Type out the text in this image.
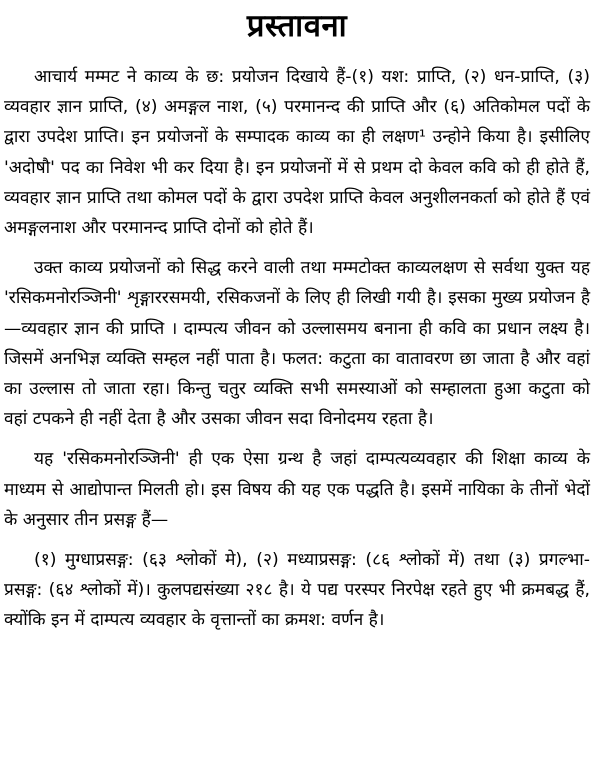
प्रस्तावना

आचार्य मम्मट ने काव्य के छ: प्रयोजन दिखाये हैं-(१) यश: प्राप्ति, (२) धन-प्राप्ति, (३) व्यवहार ज्ञान प्राप्ति, (४) अमङ्गल नाश, (५) परमानन्द की प्राप्ति और (६) अतिकोमल पदों के द्वारा उपदेश प्राप्ति। इन प्रयोजनों के सम्पादक काव्य का ही लक्षण¹ उन्होने किया है। इसीलिए 'अदोषौ' पद का निवेश भी कर दिया है। इन प्रयोजनों में से प्रथम दो केवल कवि को ही होते हैं, व्यवहार ज्ञान प्राप्ति तथा कोमल पदों के द्वारा उपदेश प्राप्ति केवल अनुशीलनकर्ता को होते हैं एवं अमङ्गलनाश और परमानन्द प्राप्ति दोनों को होते हैं।

उक्त काव्य प्रयोजनों को सिद्ध करने वाली तथा मम्मटोक्त काव्यलक्षण से सर्वथा युक्त यह 'रसिकमनोरञ्जिनी' शृङ्गाररसमयी, रसिकजनों के लिए ही लिखी गयी है। इसका मुख्य प्रयोजन है—व्यवहार ज्ञान की प्राप्ति । दाम्पत्य जीवन को उल्लासमय बनाना ही कवि का प्रधान लक्ष्य है। जिसमें अनभिज्ञ व्यक्ति सम्हल नहीं पाता है। फलत: कटुता का वातावरण छा जाता है और वहां का उल्लास तो जाता रहा। किन्तु चतुर व्यक्ति सभी समस्याओं को सम्हालता हुआ कटुता को वहां टपकने ही नहीं देता है और उसका जीवन सदा विनोदमय रहता है।

यह 'रसिकमनोरञ्जिनी' ही एक ऐसा ग्रन्थ है जहां दाम्पत्यव्यवहार की शिक्षा काव्य के माध्यम से आद्योपान्त मिलती हो। इस विषय की यह एक पद्धति है। इसमें नायिका के तीनों भेदों के अनुसार तीन प्रसङ्ग हैं—

(१) मुग्धाप्रसङ्ग: (६३ श्लोकों मे), (२) मध्याप्रसङ्ग: (८६ श्लोकों में) तथा (३) प्रगल्भा-प्रसङ्ग: (६४ श्लोकों में)। कुलपद्यसंख्या २१८ है। ये पद्य परस्पर निरपेक्ष रहते हुए भी क्रमबद्ध हैं, क्योंकि इन में दाम्पत्य व्यवहार के वृत्तान्तों का क्रमश: वर्णन है।
